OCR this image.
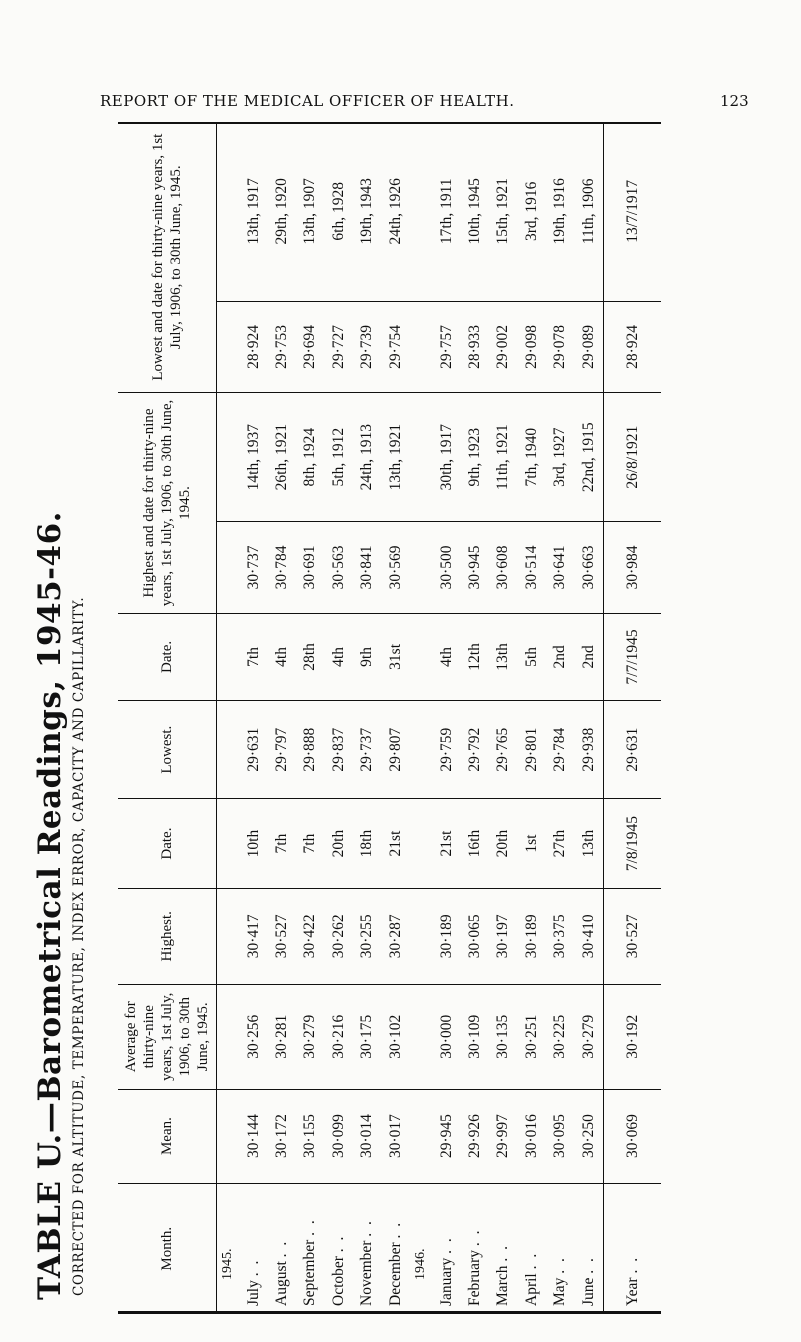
REPORT OF THE MEDICAL OFFICER OF HEALTH.	123
TABLE U.—Barometrical Readings, 1945-46. CORRECTED FOR ALTITUDE, TEMPERATURE, INDEX ERROR, CAPACITY AND CAPILLARITY.	Month.	Mean.	Average for thirty-nine years, 1st July, 1906, to 30th June, 1945.	Highest.	Date.	Lowest.	Date.	Highest and date for thirty-nine years, 1st July, 1906, to 30th June, 1945.		Lowest and date for thirty-nine years, 1st July, 1906, to 30th June, 1945.	
1945.										
July . .	30·144	30·256	30·417	10th	29·631	7th	30·737	14th, 1937	28·924	13th, 1917
August . .	30·172	30·281	30·527	7th	29·797	4th	30·784	26th, 1921	29·753	29th, 1920
September . .	30·155	30·279	30·422	7th	29·888	28th	30·691	8th, 1924	29·694	13th, 1907
October . .	30·099	30·216	30·262	20th	29·837	4th	30·563	5th, 1912	29·727	6th, 1928
November . .	30·014	30·175	30·255	18th	29·737	9th	30·841	24th, 1913	29·739	19th, 1943
December . .	30·017	30·102	30·287	21st	29·807	31st	30·569	13th, 1921	29·754	24th, 1926
1946.										
January . .	29·945	30·000	30·189	21st	29·759	4th	30·500	30th, 1917	29·757	17th, 1911
February . .	29·926	30·109	30·065	16th	29·792	12th	30·945	9th, 1923	28·933	10th, 1945
March . .	29·997	30·135	30·197	20th	29·765	13th	30·608	11th, 1921	29·002	15th, 1921
April . .	30·016	30·251	30·189	1st	29·801	5th	30·514	7th, 1940	29·098	3rd, 1916
May . .	30·095	30·225	30·375	27th	29·784	2nd	30·641	3rd, 1927	29·078	19th, 1916
June . .	30·250	30·279	30·410	13th	29·938	2nd	30·663	22nd, 1915	29·089	11th, 1906
Year . .	30·069	30·192	30·527	7/8/1945	29·631	7/7/1945	30·984	26/8/1921	28·924	13/7/1917
